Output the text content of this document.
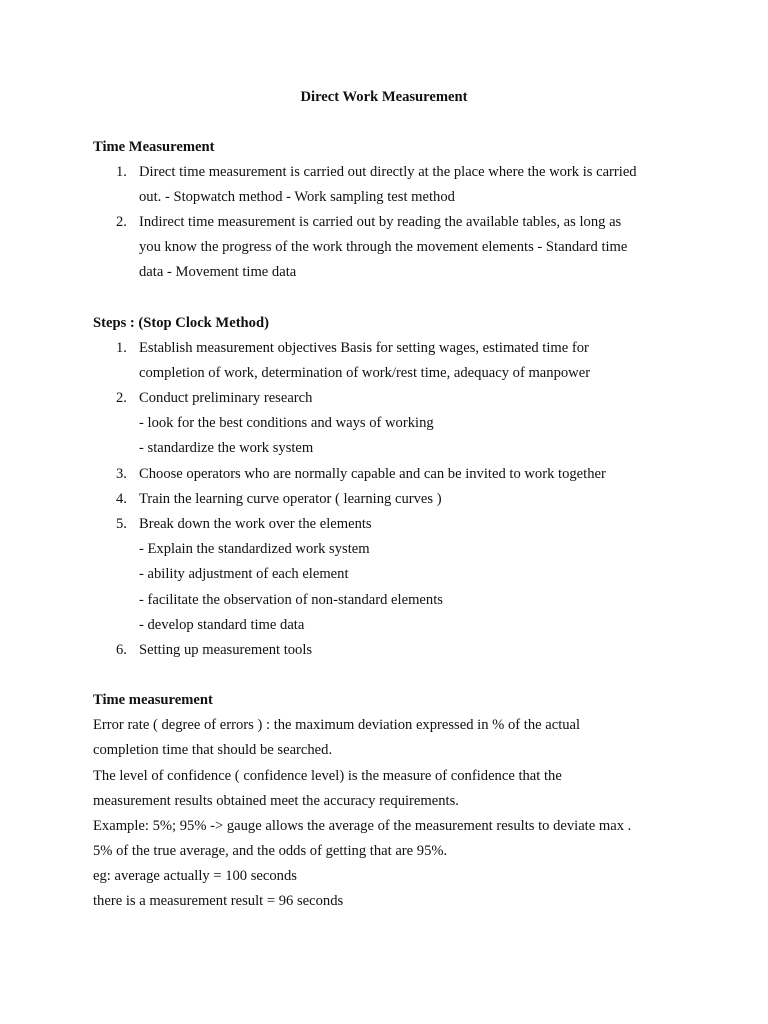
Direct Work Measurement
Time Measurement
1. Direct time measurement is carried out directly at the place where the work is carried
out. - Stopwatch method - Work sampling test method
2. Indirect time measurement is carried out by reading the available tables, as long as
you know the progress of the work through the movement elements - Standard time
data - Movement time data
Steps : (Stop Clock Method)
1. Establish measurement objectives Basis for setting wages, estimated time for
completion of work, determination of work/rest time, adequacy of manpower
2. Conduct preliminary research
- look for the best conditions and ways of working
- standardize the work system
3. Choose operators who are normally capable and can be invited to work together
4. Train the learning curve operator ( learning curves )
5. Break down the work over the elements
- Explain the standardized work system
- ability adjustment of each element
- facilitate the observation of non-standard elements
- develop standard time data
6. Setting up measurement tools
Time measurement
Error rate ( degree of errors ) : the maximum deviation expressed in % of the actual
completion time that should be searched.
The level of confidence ( confidence level) is the measure of confidence that the
measurement results obtained meet the accuracy requirements.
Example: 5%; 95% -> gauge allows the average of the measurement results to deviate max .
5% of the true average, and the odds of getting that are 95%.
eg: average actually = 100 seconds
there is a measurement result = 96 seconds
